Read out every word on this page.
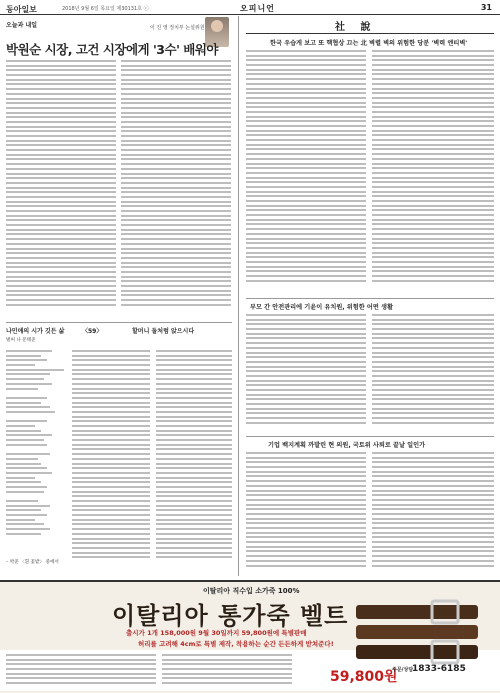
동아일보	2018년 9월 6일 목요일 제30131호 ⓒ	오피니언	31
오늘과 내일	이 진 영 정치부 논설위원
박원순 시장, 고건 시장에게 '3수' 배워야
나민애의 시가 깃든 삶	〈59〉	할머니 둘처럼 앉으시다
벌써 나 문태준
– 박준 〈흰 꽃밭〉 중에서
社 說
한국 우습게 보고 또 핵협상 끄는 北 벽렬 벽의 위험한 당분 '벽력 엔티벽'
부모 간 안전관리에 기윤이 유치원, 위험한 어떤 생활
기업 백지계획 까발린 현 의원, 국토위 사퇴로 끝날 일인가
이탈리아 직수입 소가죽 100%
이탈리아 통가죽 벨트
출시가 1개 158,000원 9월 30일까지 59,800원에 특별판매
허리를 고려해 4cm로 특별 제작, 착용하는 순간 든든하게 받쳐준다!
59,800원
주문/상담
1833-6185
